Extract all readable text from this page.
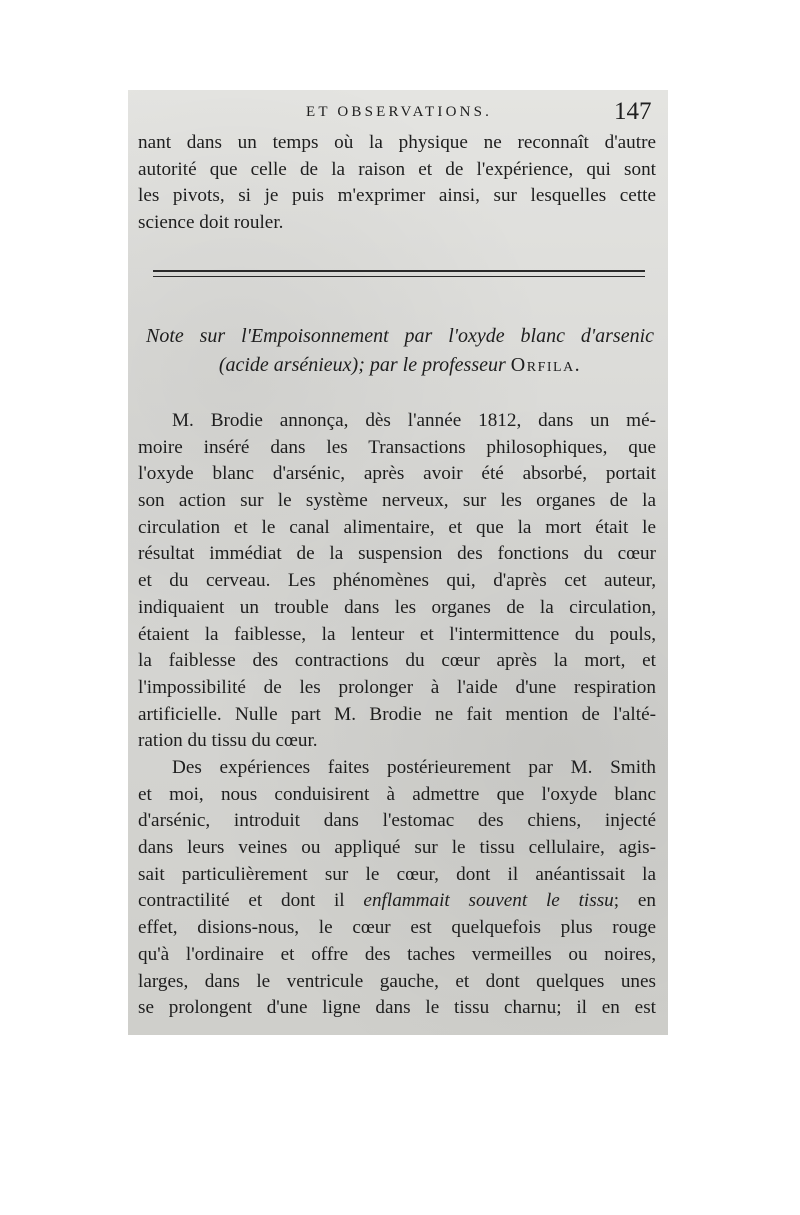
ET OBSERVATIONS.	147
nant dans un temps où la physique ne reconnaît d'autre
autorité que celle de la raison et de l'expérience, qui sont
les pivots, si je puis m'exprimer ainsi, sur lesquelles cette
science doit rouler.
Note sur l'Empoisonnement par l'oxyde blanc d'arsenic
(acide arsénieux); par le professeur Orfila.
M. Brodie annonça, dès l'année 1812, dans un mé-
moire inséré dans les Transactions philosophiques, que
l'oxyde blanc d'arsénic, après avoir été absorbé, portait
son action sur le système nerveux, sur les organes de la
circulation et le canal alimentaire, et que la mort était le
résultat immédiat de la suspension des fonctions du cœur
et du cerveau. Les phénomènes qui, d'après cet auteur,
indiquaient un trouble dans les organes de la circulation,
étaient la faiblesse, la lenteur et l'intermittence du pouls,
la faiblesse des contractions du cœur après la mort, et
l'impossibilité de les prolonger à l'aide d'une respiration
artificielle. Nulle part M. Brodie ne fait mention de l'alté-
ration du tissu du cœur.
Des expériences faites postérieurement par M. Smith
et moi, nous conduisirent à admettre que l'oxyde blanc
d'arsénic, introduit dans l'estomac des chiens, injecté
dans leurs veines ou appliqué sur le tissu cellulaire, agis-
sait particulièrement sur le cœur, dont il anéantissait la
contractilité et dont il enflammait souvent le tissu; en
effet, disions-nous, le cœur est quelquefois plus rouge
qu'à l'ordinaire et offre des taches vermeilles ou noires,
larges, dans le ventricule gauche, et dont quelques unes
se prolongent d'une ligne dans le tissu charnu; il en est
